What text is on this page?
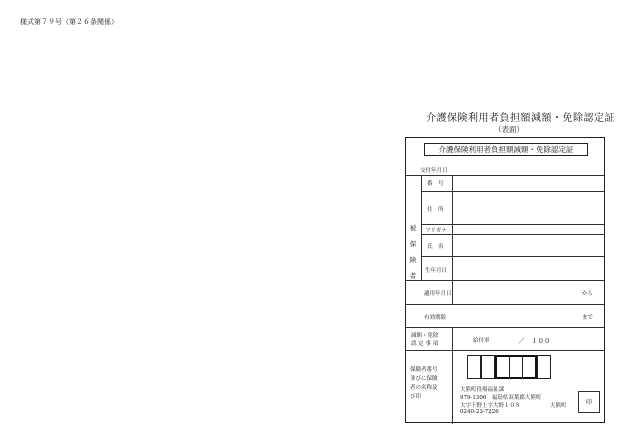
様式第７９号（第２６条関係）
介護保険利用者負担額減額・免除認定証
（表面）
介護保険利用者負担額減額・免除認定証
交付年月日
被
保
険
者
番　号
住　所
フリガナ
氏　名
生年月日
適用年月日	から
有効期限	まで
減額・免除
認 定 事 項	給付率	／　１００
保険者番号
並びに保険
者の名称及
び印
大熊町役場福祉課
979-1306　福島県双葉郡大熊町
大字下野上字大野１０８
0240-23-7226
大熊町	印
